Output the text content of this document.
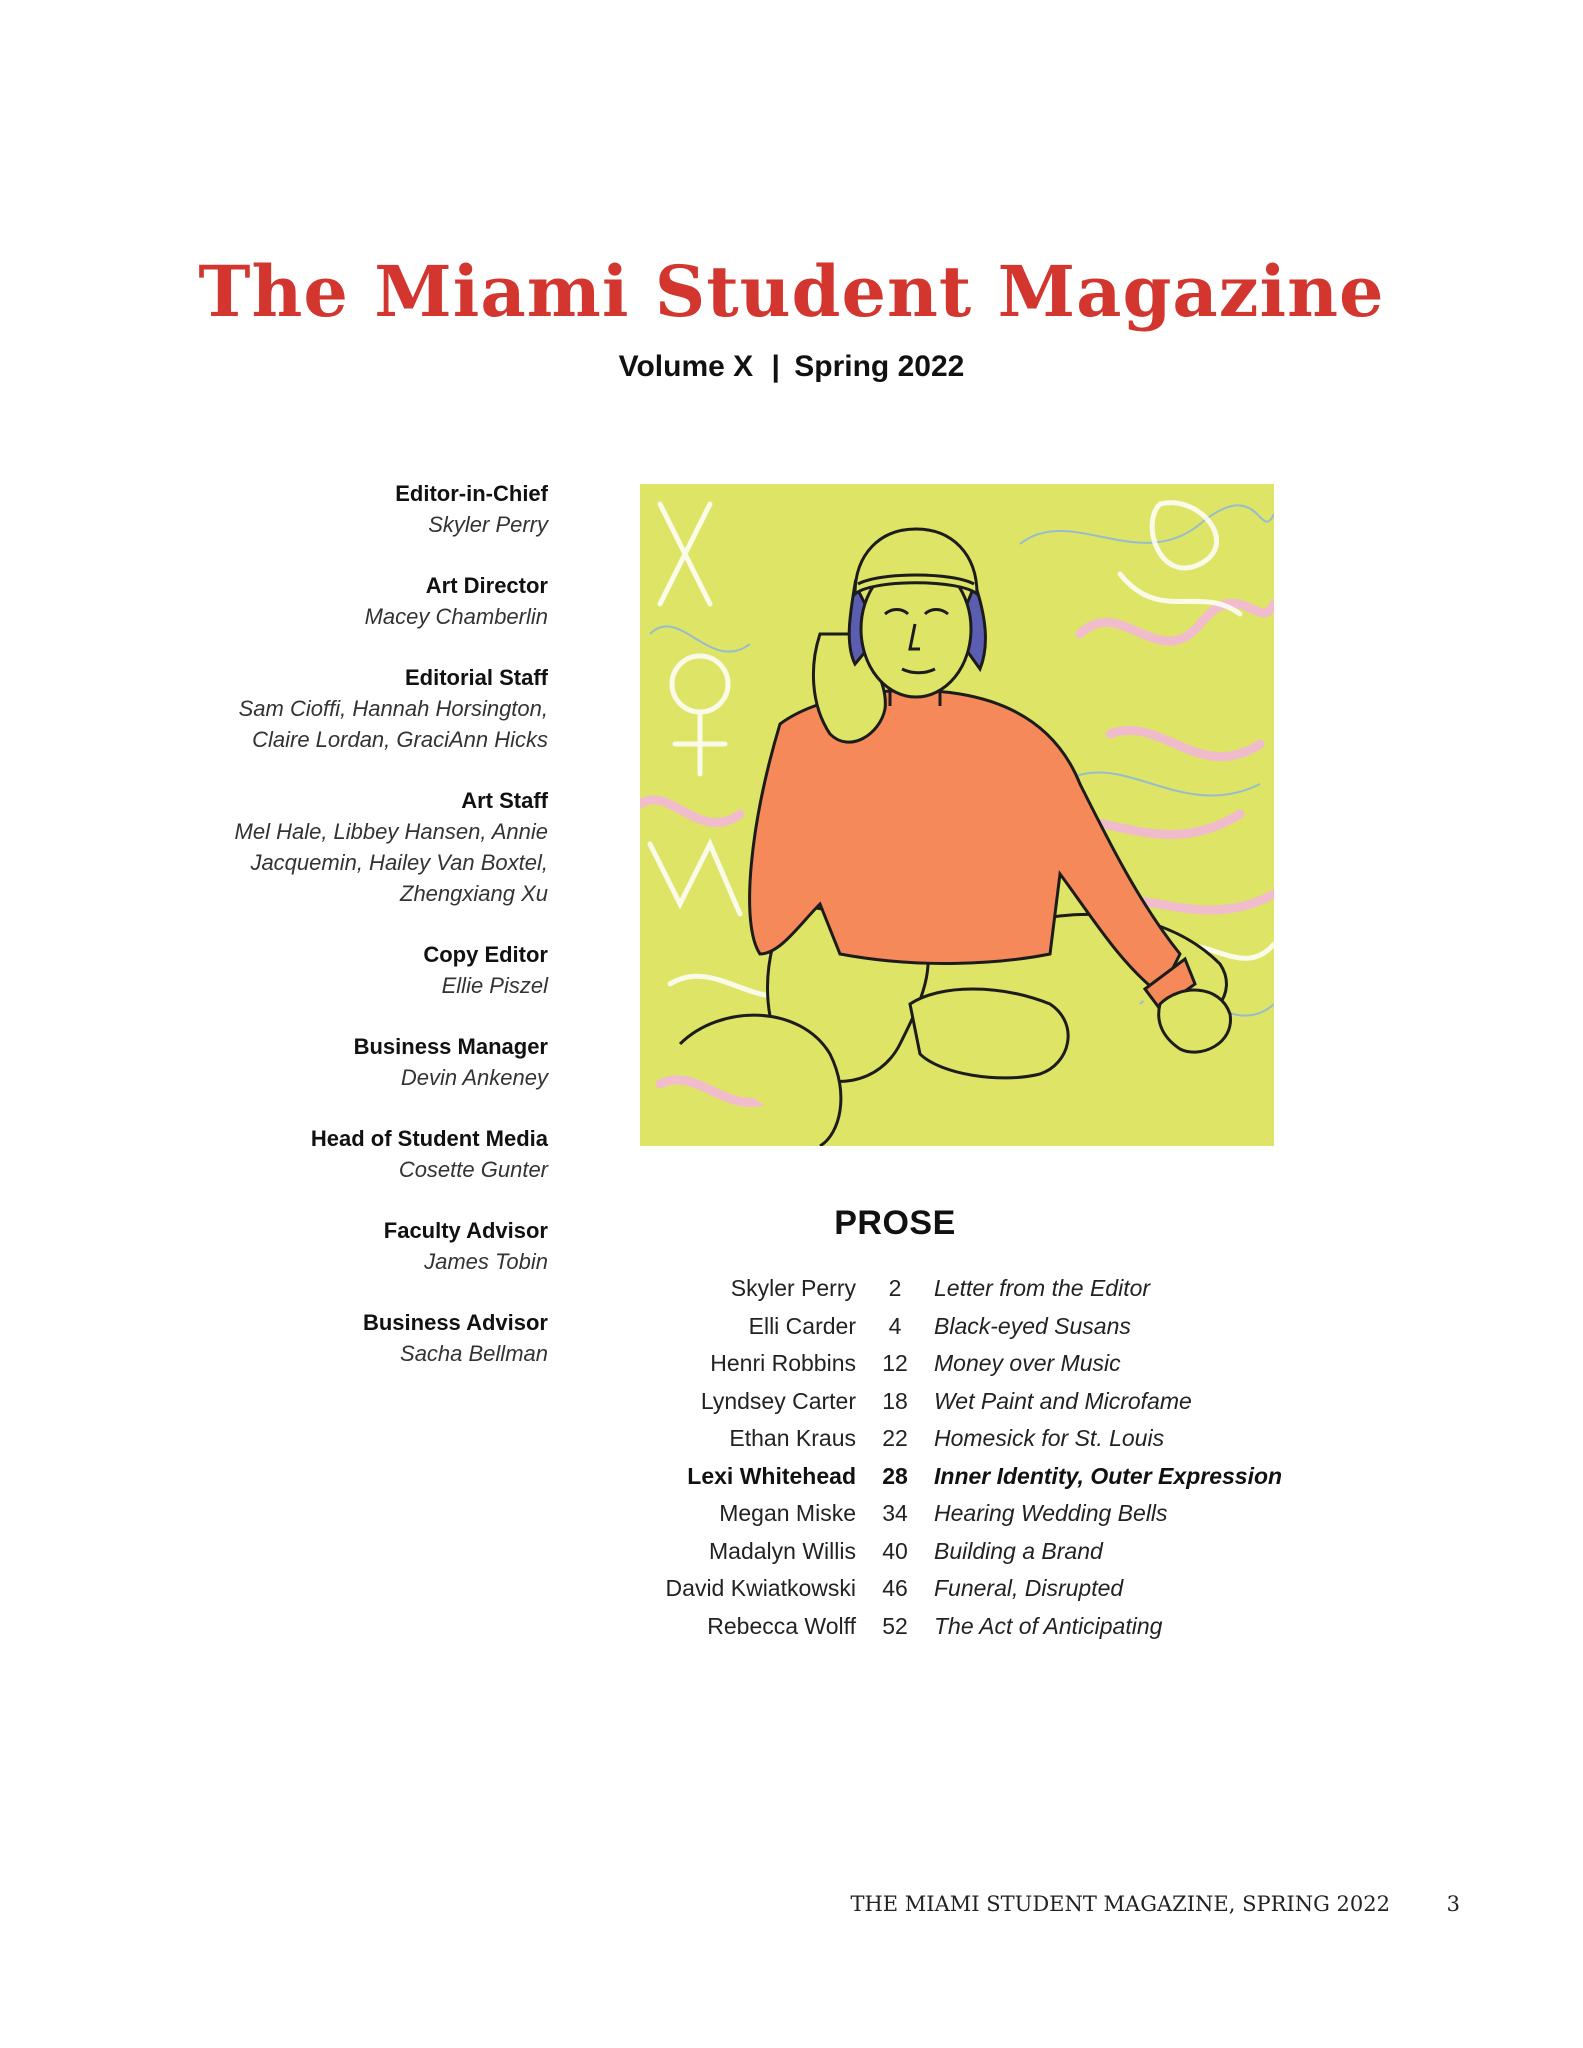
The Miami Student Magazine
Volume X | Spring 2022
Editor-in-Chief
Skyler Perry
Art Director
Macey Chamberlin
Editorial Staff
Sam Cioffi, Hannah Horsington,
Claire Lordan, GraciAnn Hicks
Art Staff
Mel Hale, Libbey Hansen, Annie
Jacquemin, Hailey Van Boxtel,
Zhengxiang Xu
Copy Editor
Ellie Piszel
Business Manager
Devin Ankeney
Head of Student Media
Cosette Gunter
Faculty Advisor
James Tobin
Business Advisor
Sacha Bellman
PROSE
Skyler Perry	2	Letter from the Editor
Elli Carder	4	Black-eyed Susans
Henri Robbins	12	Money over Music
Lyndsey Carter	18	Wet Paint and Microfame
Ethan Kraus	22	Homesick for St. Louis
Lexi Whitehead	28	Inner Identity, Outer Expression
Megan Miske	34	Hearing Wedding Bells
Madalyn Willis	40	Building a Brand
David Kwiatkowski	46	Funeral, Disrupted
Rebecca Wolff	52	The Act of Anticipating
THE MIAMI STUDENT MAGAZINE, SPRING 2022	3
